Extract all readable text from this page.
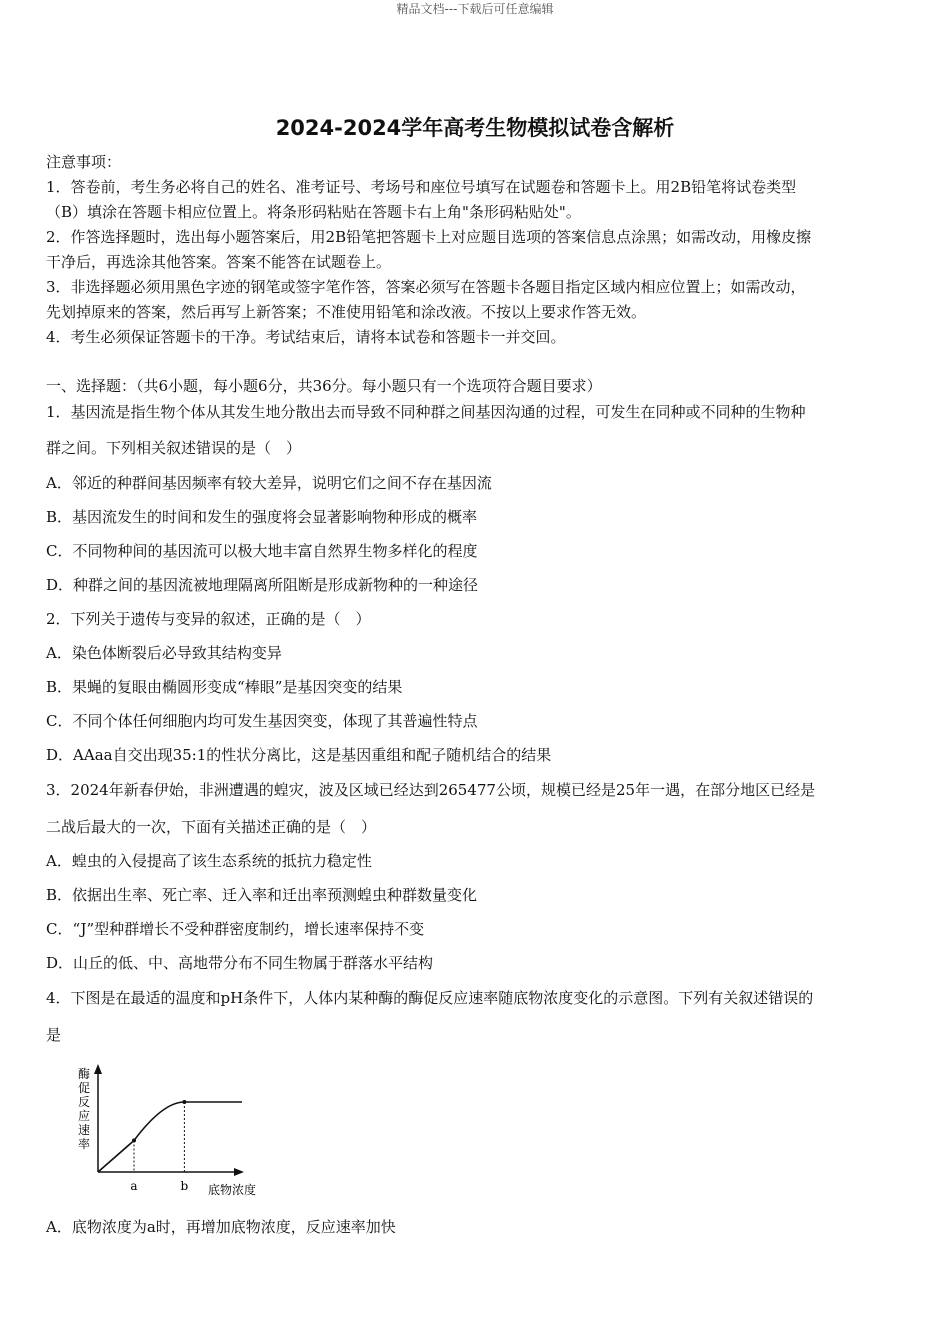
精品文档---下载后可任意编辑
2024-2024学年高考生物模拟试卷含解析
注意事项：
1．答卷前，考生务必将自己的姓名、准考证号、考场号和座位号填写在试题卷和答题卡上。用2B铅笔将试卷类型
（B）填涂在答题卡相应位置上。将条形码粘贴在答题卡右上角"条形码粘贴处"。
2．作答选择题时，选出每小题答案后，用2B铅笔把答题卡上对应题目选项的答案信息点涂黑；如需改动，用橡皮擦
干净后，再选涂其他答案。答案不能答在试题卷上。
3．非选择题必须用黑色字迹的钢笔或签字笔作答，答案必须写在答题卡各题目指定区域内相应位置上；如需改动，
先划掉原来的答案，然后再写上新答案；不准使用铅笔和涂改液。不按以上要求作答无效。
4．考生必须保证答题卡的干净。考试结束后，请将本试卷和答题卡一并交回。
一、选择题：（共6小题，每小题6分，共36分。每小题只有一个选项符合题目要求）
1．基因流是指生物个体从其发生地分散出去而导致不同种群之间基因沟通的过程，可发生在同种或不同种的生物种
群之间。下列相关叙述错误的是（　）
A．邻近的种群间基因频率有较大差异，说明它们之间不存在基因流
B．基因流发生的时间和发生的强度将会显著影响物种形成的概率
C．不同物种间的基因流可以极大地丰富自然界生物多样化的程度
D．种群之间的基因流被地理隔离所阻断是形成新物种的一种途径
2．下列关于遗传与变异的叙述，正确的是（　）
A．染色体断裂后必导致其结构变异
B．果蝇的复眼由椭圆形变成“棒眼”是基因突变的结果
C．不同个体任何细胞内均可发生基因突变，体现了其普遍性特点
D．AAaa自交出现35:1的性状分离比，这是基因重组和配子随机结合的结果
3．2024年新春伊始，非洲遭遇的蝗灾，波及区域已经达到265477公顷，规模已经是25年一遇，在部分地区已经是
二战后最大的一次，下面有关描述正确的是（　）
A．蝗虫的入侵提高了该生态系统的抵抗力稳定性
B．依据出生率、死亡率、迁入率和迁出率预测蝗虫种群数量变化
C．“J”型种群增长不受种群密度制约，增长速率保持不变
D．山丘的低、中、高地带分布不同生物属于群落水平结构
4．下图是在最适的温度和pH条件下，人体内某种酶的酶促反应速率随底物浓度变化的示意图。下列有关叙述错误的
是
酶
促
反
应
速
率
底物浓度
a	b
A．底物浓度为a时，再增加底物浓度，反应速率加快
